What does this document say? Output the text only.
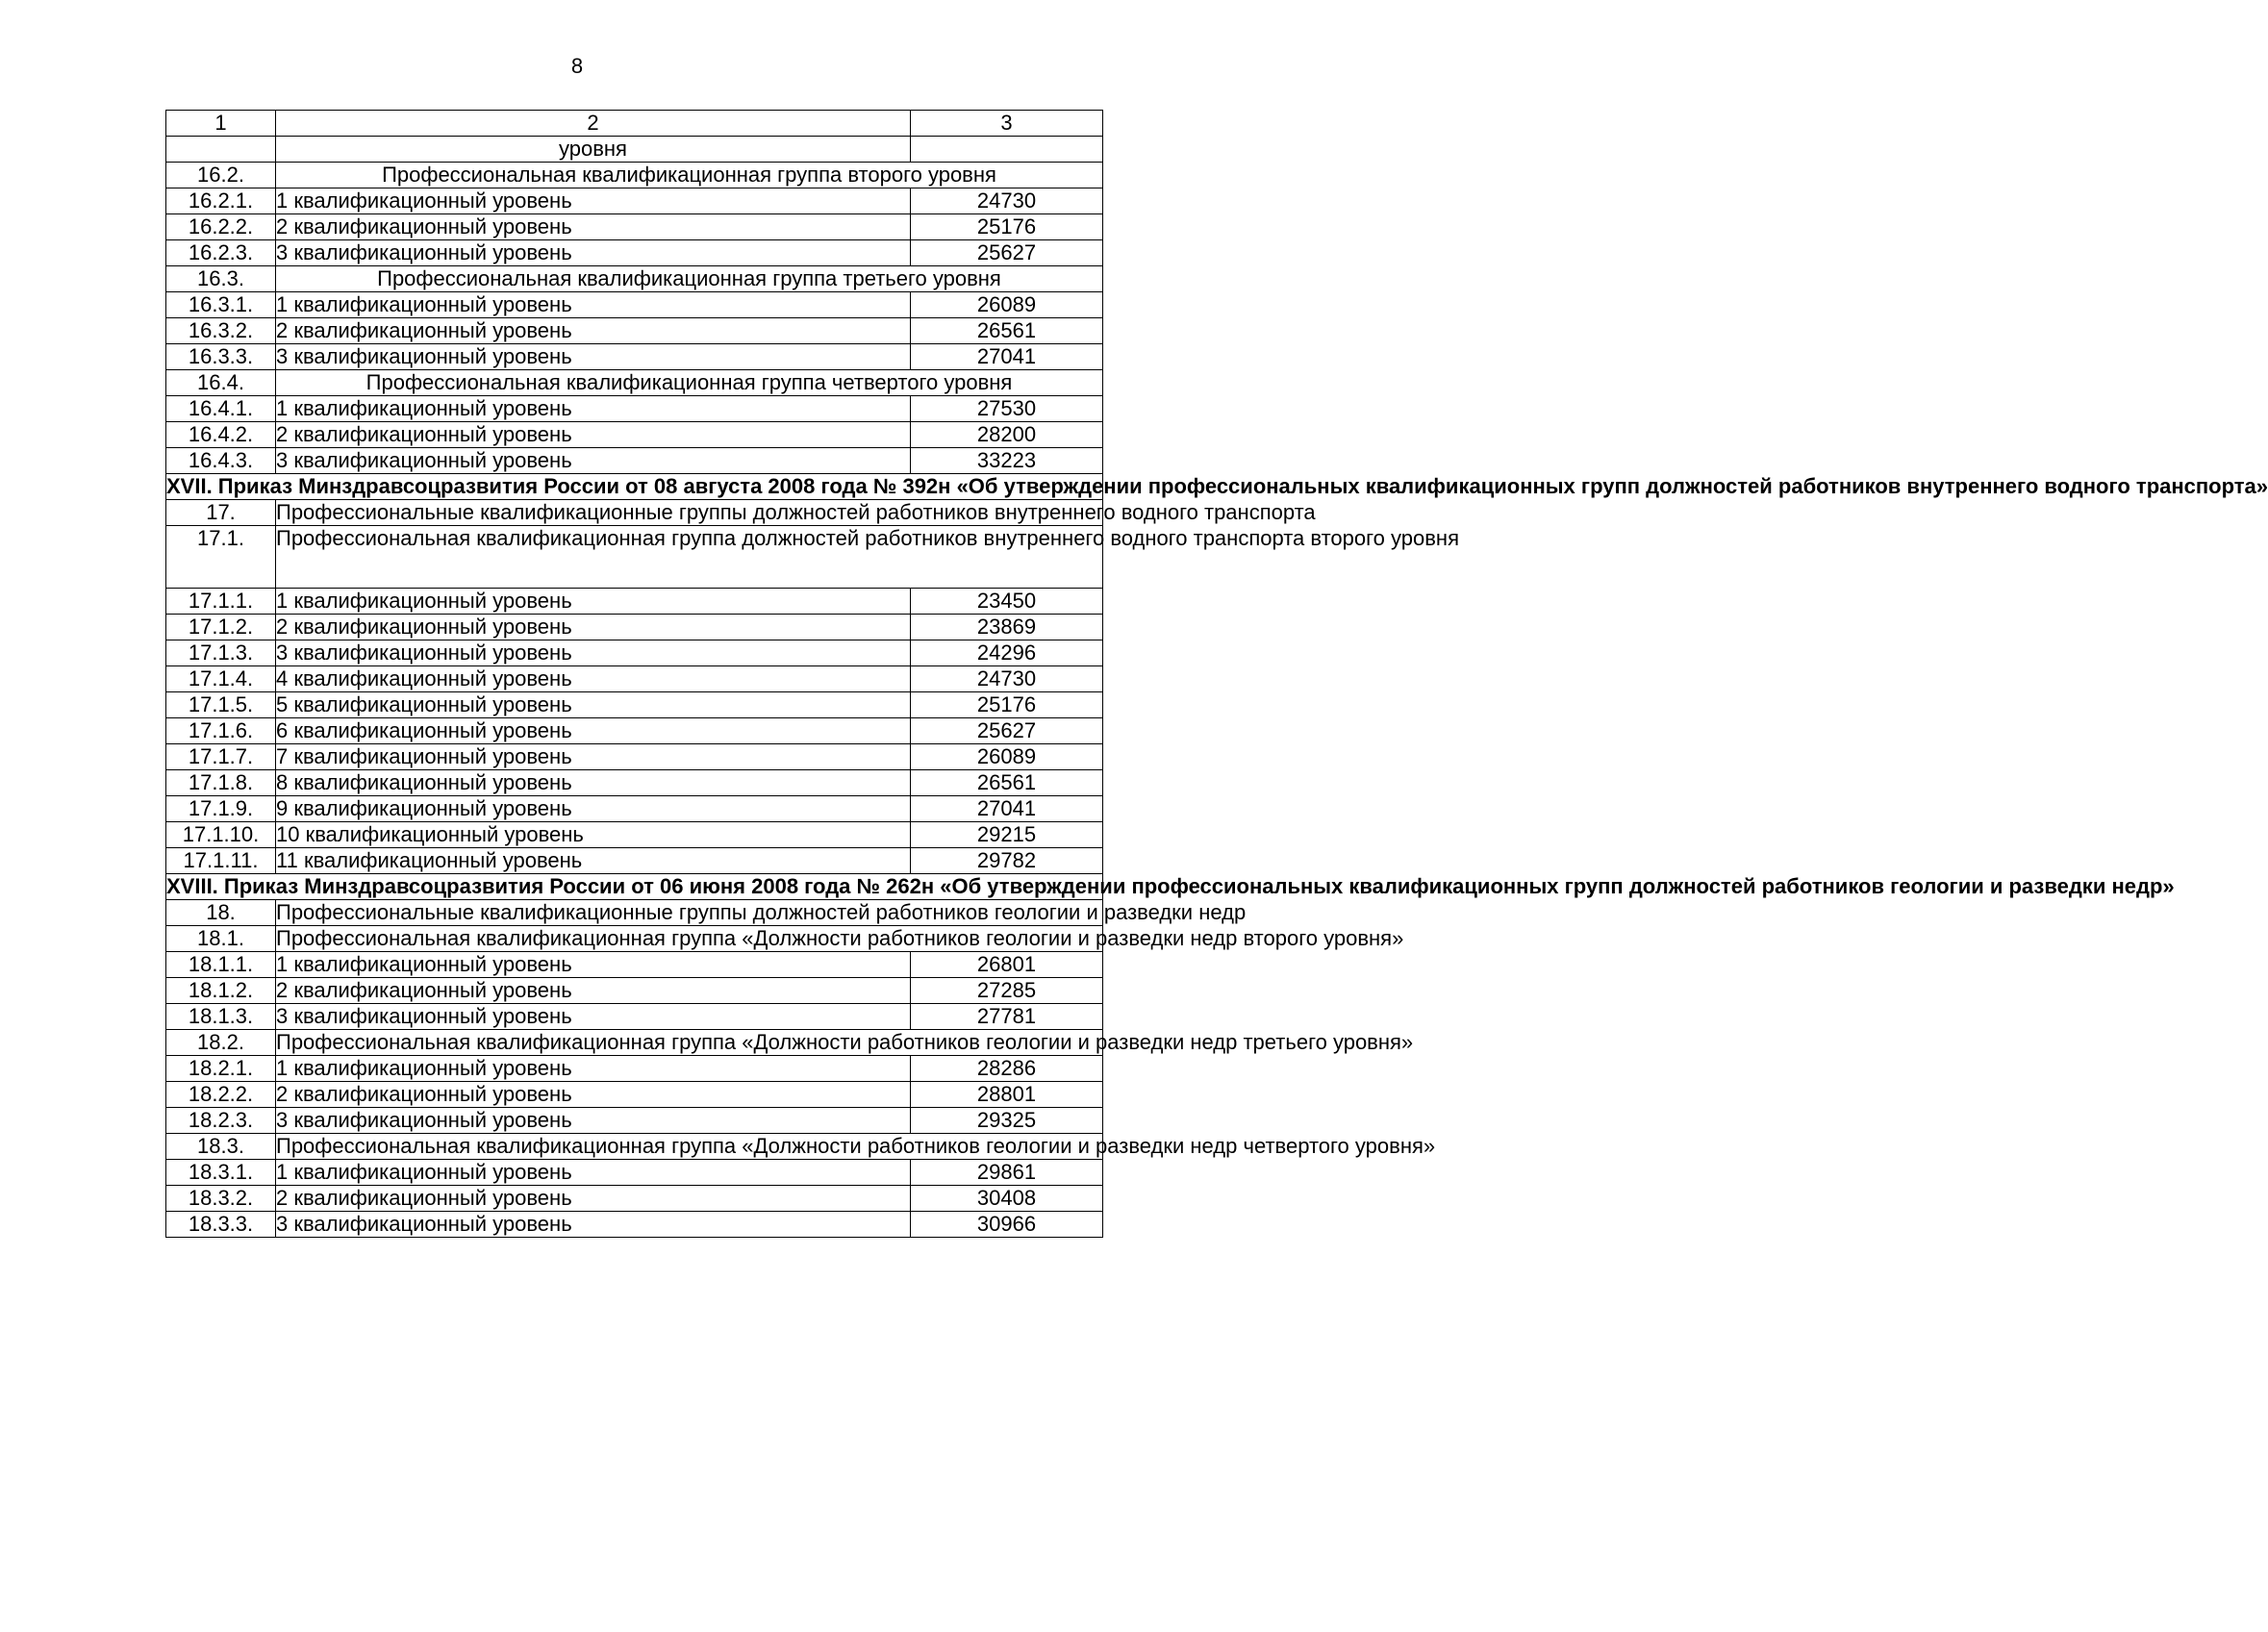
8
1	2	3
	уровня	
16.2.	Профессиональная квалификационная группа второго уровня	
16.2.1.	1 квалификационный уровень	24730
16.2.2.	2 квалификационный уровень	25176
16.2.3.	3 квалификационный уровень	25627
16.3.	Профессиональная квалификационная группа третьего уровня	
16.3.1.	1 квалификационный уровень	26089
16.3.2.	2 квалификационный уровень	26561
16.3.3.	3 квалификационный уровень	27041
16.4.	Профессиональная квалификационная группа четвертого уровня	
16.4.1.	1 квалификационный уровень	27530
16.4.2.	2 квалификационный уровень	28200
16.4.3.	3 квалификационный уровень	33223
XVII. Приказ Минздравсоцразвития России от 08 августа 2008 года № 392н «Об утверждении профессиональных квалификационных групп должностей работников внутреннего водного транспорта»		
17.	Профессиональные квалификационные группы должностей работников внутреннего водного транспорта	
17.1.	Профессиональная квалификационная группа должностей работников внутреннего водного транспорта второго уровня	
17.1.1.	1 квалификационный уровень	23450
17.1.2.	2 квалификационный уровень	23869
17.1.3.	3 квалификационный уровень	24296
17.1.4.	4 квалификационный уровень	24730
17.1.5.	5 квалификационный уровень	25176
17.1.6.	6 квалификационный уровень	25627
17.1.7.	7 квалификационный уровень	26089
17.1.8.	8 квалификационный уровень	26561
17.1.9.	9 квалификационный уровень	27041
17.1.10.	10 квалификационный уровень	29215
17.1.11.	11 квалификационный уровень	29782
XVIII. Приказ Минздравсоцразвития России от 06 июня 2008 года № 262н «Об утверждении профессиональных квалификационных групп должностей работников геологии и разведки недр»		
18.	Профессиональные квалификационные группы должностей работников геологии и разведки недр	
18.1.	Профессиональная квалификационная группа «Должности работников геологии и разведки недр второго уровня»	
18.1.1.	1 квалификационный уровень	26801
18.1.2.	2 квалификационный уровень	27285
18.1.3.	3 квалификационный уровень	27781
18.2.	Профессиональная квалификационная группа «Должности работников геологии и разведки недр третьего уровня»	
18.2.1.	1 квалификационный уровень	28286
18.2.2.	2 квалификационный уровень	28801
18.2.3.	3 квалификационный уровень	29325
18.3.	Профессиональная квалификационная группа «Должности работников геологии и разведки недр четвертого уровня»	
18.3.1.	1 квалификационный уровень	29861
18.3.2.	2 квалификационный уровень	30408
18.3.3.	3 квалификационный уровень	30966
